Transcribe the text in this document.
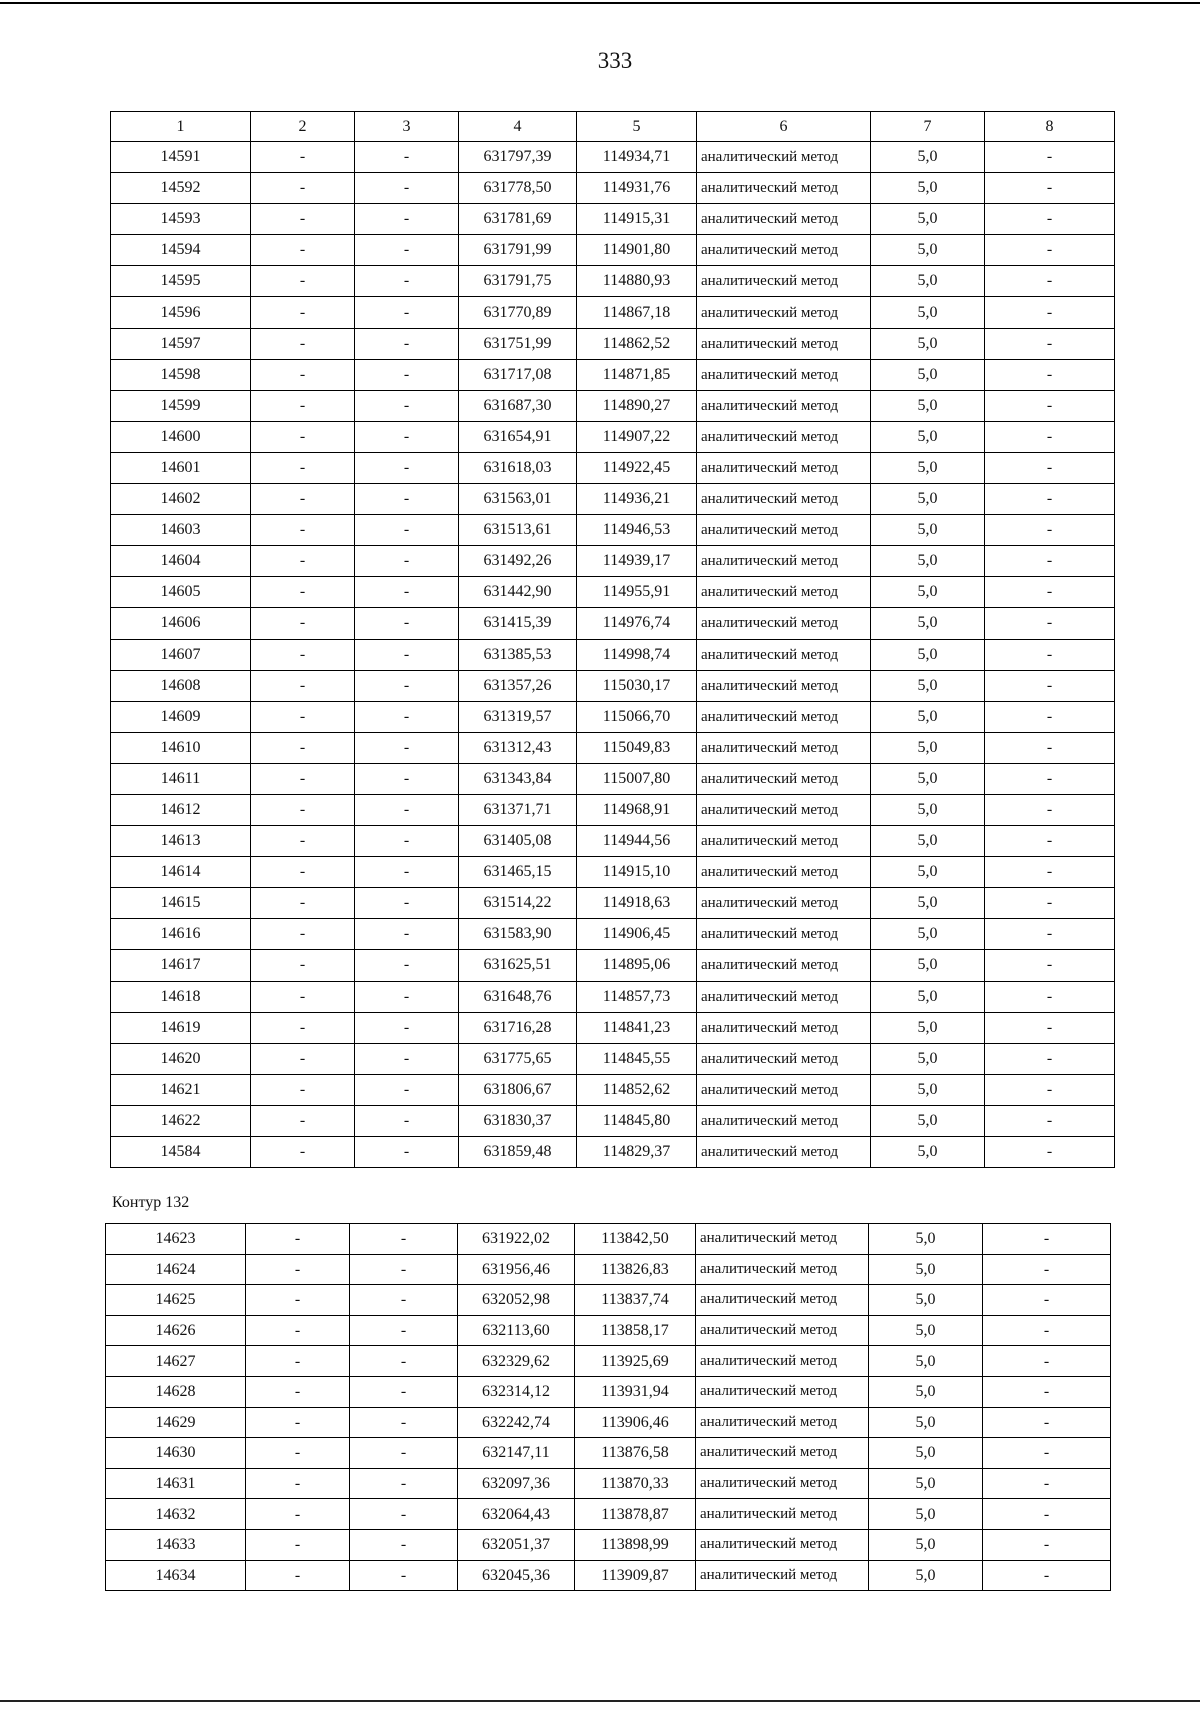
333
1	2	3	4	5	6	7	8
14591	-	-	631797,39	114934,71	аналитический метод	5,0	-
14592	-	-	631778,50	114931,76	аналитический метод	5,0	-
14593	-	-	631781,69	114915,31	аналитический метод	5,0	-
14594	-	-	631791,99	114901,80	аналитический метод	5,0	-
14595	-	-	631791,75	114880,93	аналитический метод	5,0	-
14596	-	-	631770,89	114867,18	аналитический метод	5,0	-
14597	-	-	631751,99	114862,52	аналитический метод	5,0	-
14598	-	-	631717,08	114871,85	аналитический метод	5,0	-
14599	-	-	631687,30	114890,27	аналитический метод	5,0	-
14600	-	-	631654,91	114907,22	аналитический метод	5,0	-
14601	-	-	631618,03	114922,45	аналитический метод	5,0	-
14602	-	-	631563,01	114936,21	аналитический метод	5,0	-
14603	-	-	631513,61	114946,53	аналитический метод	5,0	-
14604	-	-	631492,26	114939,17	аналитический метод	5,0	-
14605	-	-	631442,90	114955,91	аналитический метод	5,0	-
14606	-	-	631415,39	114976,74	аналитический метод	5,0	-
14607	-	-	631385,53	114998,74	аналитический метод	5,0	-
14608	-	-	631357,26	115030,17	аналитический метод	5,0	-
14609	-	-	631319,57	115066,70	аналитический метод	5,0	-
14610	-	-	631312,43	115049,83	аналитический метод	5,0	-
14611	-	-	631343,84	115007,80	аналитический метод	5,0	-
14612	-	-	631371,71	114968,91	аналитический метод	5,0	-
14613	-	-	631405,08	114944,56	аналитический метод	5,0	-
14614	-	-	631465,15	114915,10	аналитический метод	5,0	-
14615	-	-	631514,22	114918,63	аналитический метод	5,0	-
14616	-	-	631583,90	114906,45	аналитический метод	5,0	-
14617	-	-	631625,51	114895,06	аналитический метод	5,0	-
14618	-	-	631648,76	114857,73	аналитический метод	5,0	-
14619	-	-	631716,28	114841,23	аналитический метод	5,0	-
14620	-	-	631775,65	114845,55	аналитический метод	5,0	-
14621	-	-	631806,67	114852,62	аналитический метод	5,0	-
14622	-	-	631830,37	114845,80	аналитический метод	5,0	-
14584	-	-	631859,48	114829,37	аналитический метод	5,0	-
Контур 132
14623	-	-	631922,02	113842,50	аналитический метод	5,0	-
14624	-	-	631956,46	113826,83	аналитический метод	5,0	-
14625	-	-	632052,98	113837,74	аналитический метод	5,0	-
14626	-	-	632113,60	113858,17	аналитический метод	5,0	-
14627	-	-	632329,62	113925,69	аналитический метод	5,0	-
14628	-	-	632314,12	113931,94	аналитический метод	5,0	-
14629	-	-	632242,74	113906,46	аналитический метод	5,0	-
14630	-	-	632147,11	113876,58	аналитический метод	5,0	-
14631	-	-	632097,36	113870,33	аналитический метод	5,0	-
14632	-	-	632064,43	113878,87	аналитический метод	5,0	-
14633	-	-	632051,37	113898,99	аналитический метод	5,0	-
14634	-	-	632045,36	113909,87	аналитический метод	5,0	-
